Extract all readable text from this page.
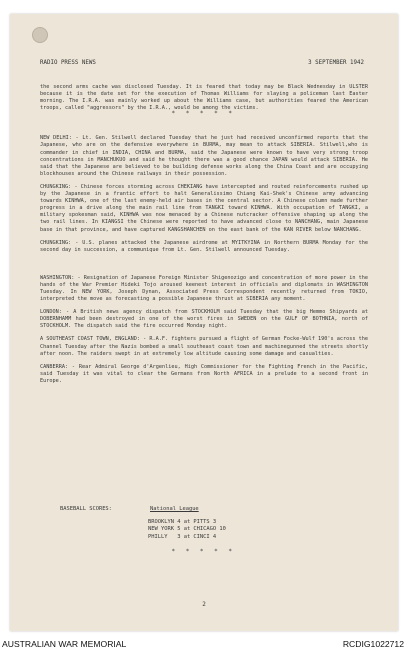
RADIO PRESS NEWS	3 SEPTEMBER 1942

the second arms cache was disclosed Tuesday. It is feared that today may be Black Wednesday in ULSTER because it is the date set for the execution of Thomas Williams for slaying a policeman last Easter morning. The I.R.A. was mainly worked up about the Williams case, but authorities feared the American troops, called "aggressors" by the I.R.A., would be among the victims.

NEW DELHI: - Lt. Gen. Stilwell declared Tuesday that he just had received unconfirmed reports that the Japanese, who are on the defensive everywhere in BURMA, may mean to attack SIBERIA. Stilwell,who is commander in chief in INDIA, CHINA and BURMA, said the Japanese were known to have very strong troop concentrations in MANCHUKUO and said he thought there was a good chance JAPAN would attack SIBERIA. He said that the Japanese are believed to be building defense works along the China Coast and are occupying blockhouses around the Chinese railways in their possession.

CHUNGKING: - Chinese forces storming across CHEKIANG have intercepted and routed reinforcements rushed up by the Japanese in a frantic effort to halt Generalissimo Chiang Kai-Shek's Chinese army advancing towards KINHWA, one of the last enemy-held air bases in the central sector. A Chinese column made further progress in a drive along the main rail line from TANGKI toward KINHWA. With occupation of TANGKI, a military spokesman said, KINHWA was now menaced by a Chinese nutcracker offensive shaping up along the two rail lines. In KIANGSI the Chinese were reported to have advanced close to NANCHANG, main Japanese base in that province, and have captured KANGSHANCHEN on the east bank of the KAN RIVER below NANCHANG.

CHUNGKING: - U.S. planes attacked the Japanese airdrome at MYITKYINA in Northern BURMA Monday for the second day in succession, a communique from Lt. Gen. Stilwell announced Tuesday.

WASHINGTON: - Resignation of Japanese Foreign Minister Shigenozigo and concentration of more power in the hands of the War Premier Hideki Tojo aroused keenest interest in officials and diplomats in WASHINGTON Tuesday. In NEW YORK, Joseph Dynan, Associated Press Correspondent recently returned from TOKIO, interpreted the move as forecasting a possible Japanese thrust at SIBERIA any moment.

LONDON: - A British news agency dispatch from STOCKHOLM said Tuesday that the big Hemmo Shipyards at DOBERNHAMM had been destroyed in one of the worst fires in SWEDEN on the GULF OF BOTHNIA, north of STOCKHOLM. The dispatch said the fire occurred Monday night.

A SOUTHEAST COAST TOWN, ENGLAND: - R.A.F. fighters pursued a flight of German Focke-Wulf 190's across the Channel Tuesday after the Nazis bombed a small southeast coast town and machinegunned the streets shortly after noon. The raiders swept in at extremely low altitude causing some damage and casualties.

CANBERRA: - Rear Admiral George d'Argenlieu, High Commissioner for the Fighting French in the Pacific, said Tuesday it was vital to clear the Germans from North AFRICA in a prelude to a second front in Europe.

BASEBALL SCORES:	National League
BROOKLYN 4 at PITTS 3
NEW YORK 5 at CHICAGO 10
PHILLY   3 at CINCI 4
2
* * * * *
* * * * *
AUSTRALIAN WAR MEMORIAL	RCDIG1022712
